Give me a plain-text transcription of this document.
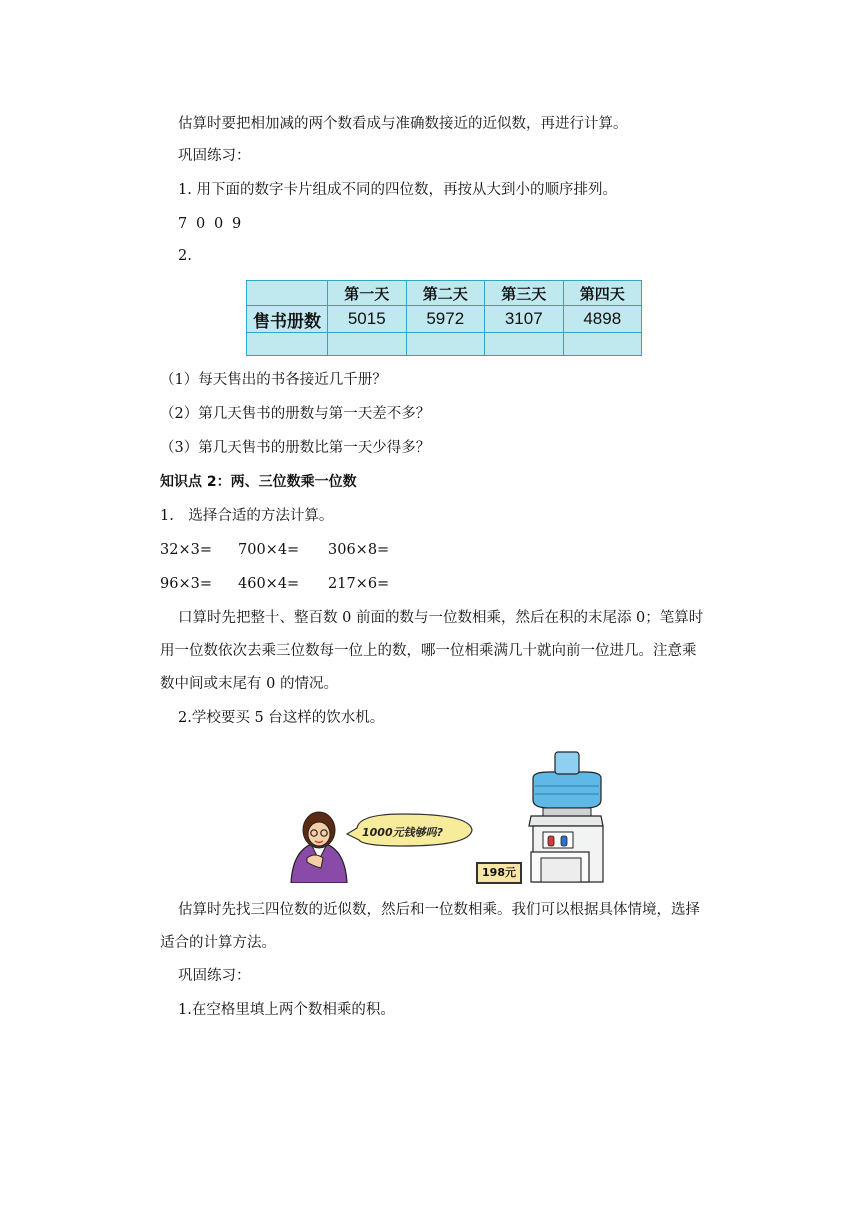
估算时要把相加减的两个数看成与准确数接近的近似数，再进行计算。
巩固练习：
1. 用下面的数字卡片组成不同的四位数，再按从大到小的顺序排列。
7 0 0 9
2.
	第一天	第二天	第三天	第四天
售书册数	5015	5972	3107	4898

（1）每天售出的书各接近几千册？
（2）第几天售书的册数与第一天差不多？
（3）第几天售书的册数比第一天少得多？
知识点 2：两、三位数乘一位数
1.　选择合适的方法计算。
32×3= 700×4= 306×8=
96×3= 460×4= 217×6=
口算时先把整十、整百数 0 前面的数与一位数相乘，然后在积的末尾添 0；笔算时用一位数依次去乘三位数每一位上的数，哪一位相乘满几十就向前一位进几。注意乘数中间或末尾有 0 的情况。
2.学校要买 5 台这样的饮水机。
1000元钱够吗?
198元
估算时先找三四位数的近似数，然后和一位数相乘。我们可以根据具体情境，选择适合的计算方法。
巩固练习：
1.在空格里填上两个数相乘的积。
